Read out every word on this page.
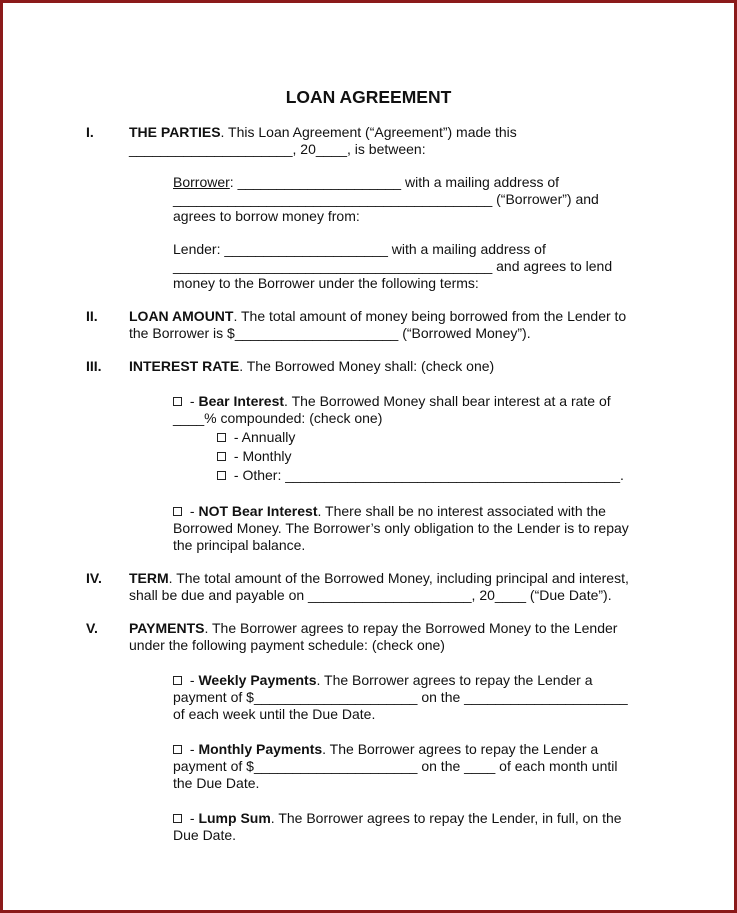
LOAN AGREEMENT
I.	THE PARTIES. This Loan Agreement (“Agreement”) made this
_____________________, 20____, is between:
Borrower: _____________________ with a mailing address of
_________________________________________ (“Borrower”) and
agrees to borrow money from:
Lender: _____________________ with a mailing address of
_________________________________________ and agrees to lend
money to the Borrower under the following terms:
II. LOAN AMOUNT. The total amount of money being borrowed from the Lender to
the Borrower is $_____________________ (“Borrowed Money”).
III. INTEREST RATE. The Borrowed Money shall: (check one)
- Bear Interest. The Borrowed Money shall bear interest at a rate of
____% compounded: (check one)
- Annually
- Monthly
- Other: ___________________________________________.
- NOT Bear Interest. There shall be no interest associated with the
Borrowed Money. The Borrower’s only obligation to the Lender is to repay
the principal balance.
IV. TERM. The total amount of the Borrowed Money, including principal and interest,
shall be due and payable on _____________________, 20____ (“Due Date”).
V. PAYMENTS. The Borrower agrees to repay the Borrowed Money to the Lender
under the following payment schedule: (check one)
- Weekly Payments. The Borrower agrees to repay the Lender a
payment of $_____________________ on the _____________________
of each week until the Due Date.
- Monthly Payments. The Borrower agrees to repay the Lender a
payment of $_____________________ on the ____ of each month until
the Due Date.
- Lump Sum. The Borrower agrees to repay the Lender, in full, on the
Due Date.
